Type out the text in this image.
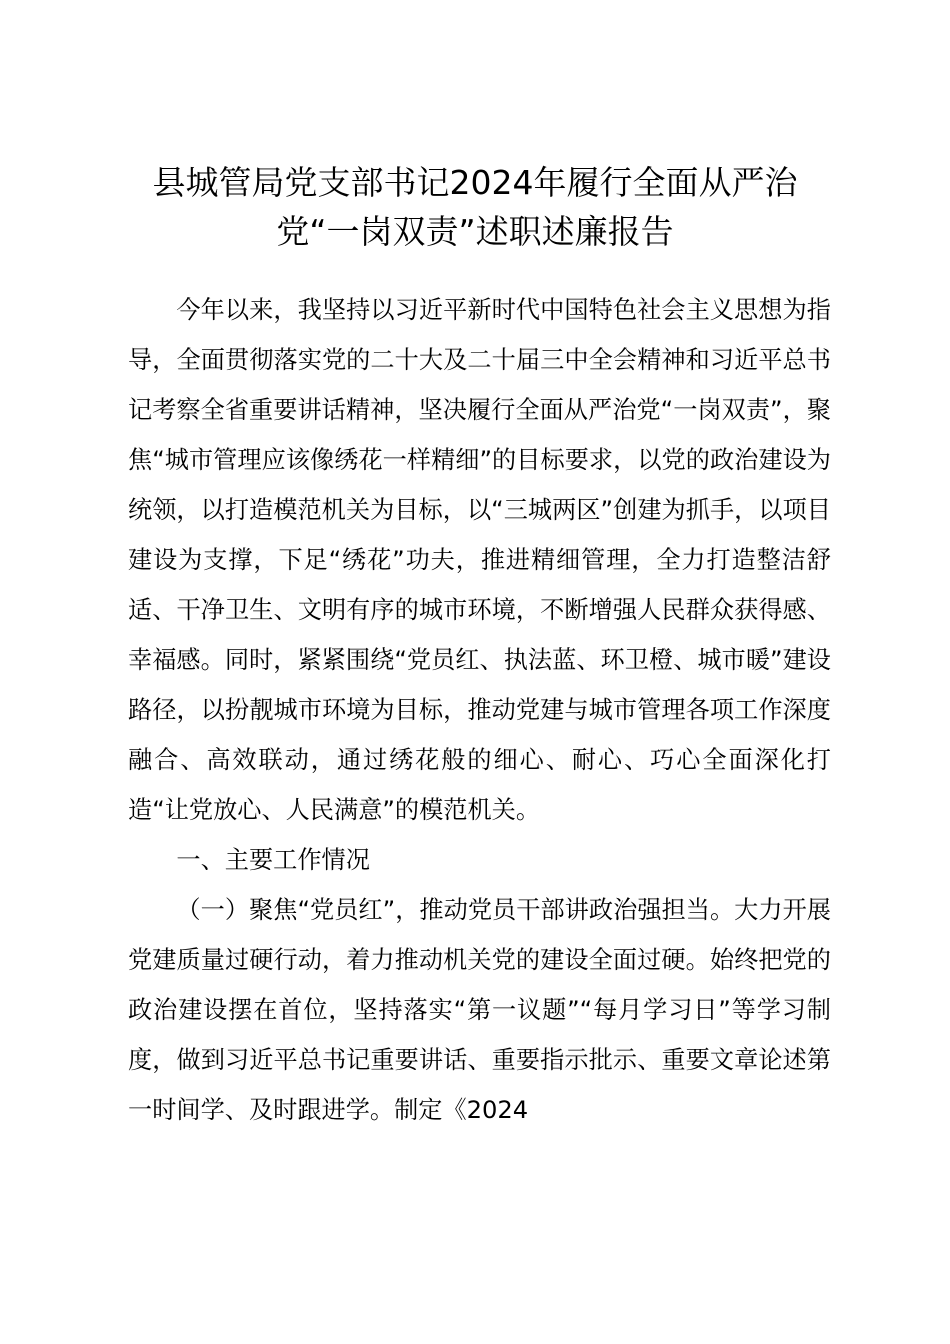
县城管局党支部书记2024年履行全面从严治
党“一岗双责”述职述廉报告

今年以来，我坚持以习近平新时代中国特色社会主义思想为指导，全面贯彻落实党的二十大及二十届三中全会精神和习近平总书记考察全省重要讲话精神，坚决履行全面从严治党“一岗双责”，聚焦“城市管理应该像绣花一样精细”的目标要求，以党的政治建设为统领，以打造模范机关为目标，以“三城两区”创建为抓手，以项目建设为支撑，下足“绣花”功夫，推进精细管理，全力打造整洁舒适、干净卫生、文明有序的城市环境，不断增强人民群众获得感、幸福感。同时，紧紧围绕“党员红、执法蓝、环卫橙、城市暖”建设路径，以扮靓城市环境为目标，推动党建与城市管理各项工作深度融合、高效联动，通过绣花般的细心、耐心、巧心全面深化打造“让党放心、人民满意”的模范机关。

一、主要工作情况

（一）聚焦“党员红”，推动党员干部讲政治强担当。大力开展党建质量过硬行动，着力推动机关党的建设全面过硬。始终把党的政治建设摆在首位，坚持落实“第一议题”“每月学习日”等学习制度，做到习近平总书记重要讲话、重要指示批示、重要文章论述第一时间学、及时跟进学。制定《2024
